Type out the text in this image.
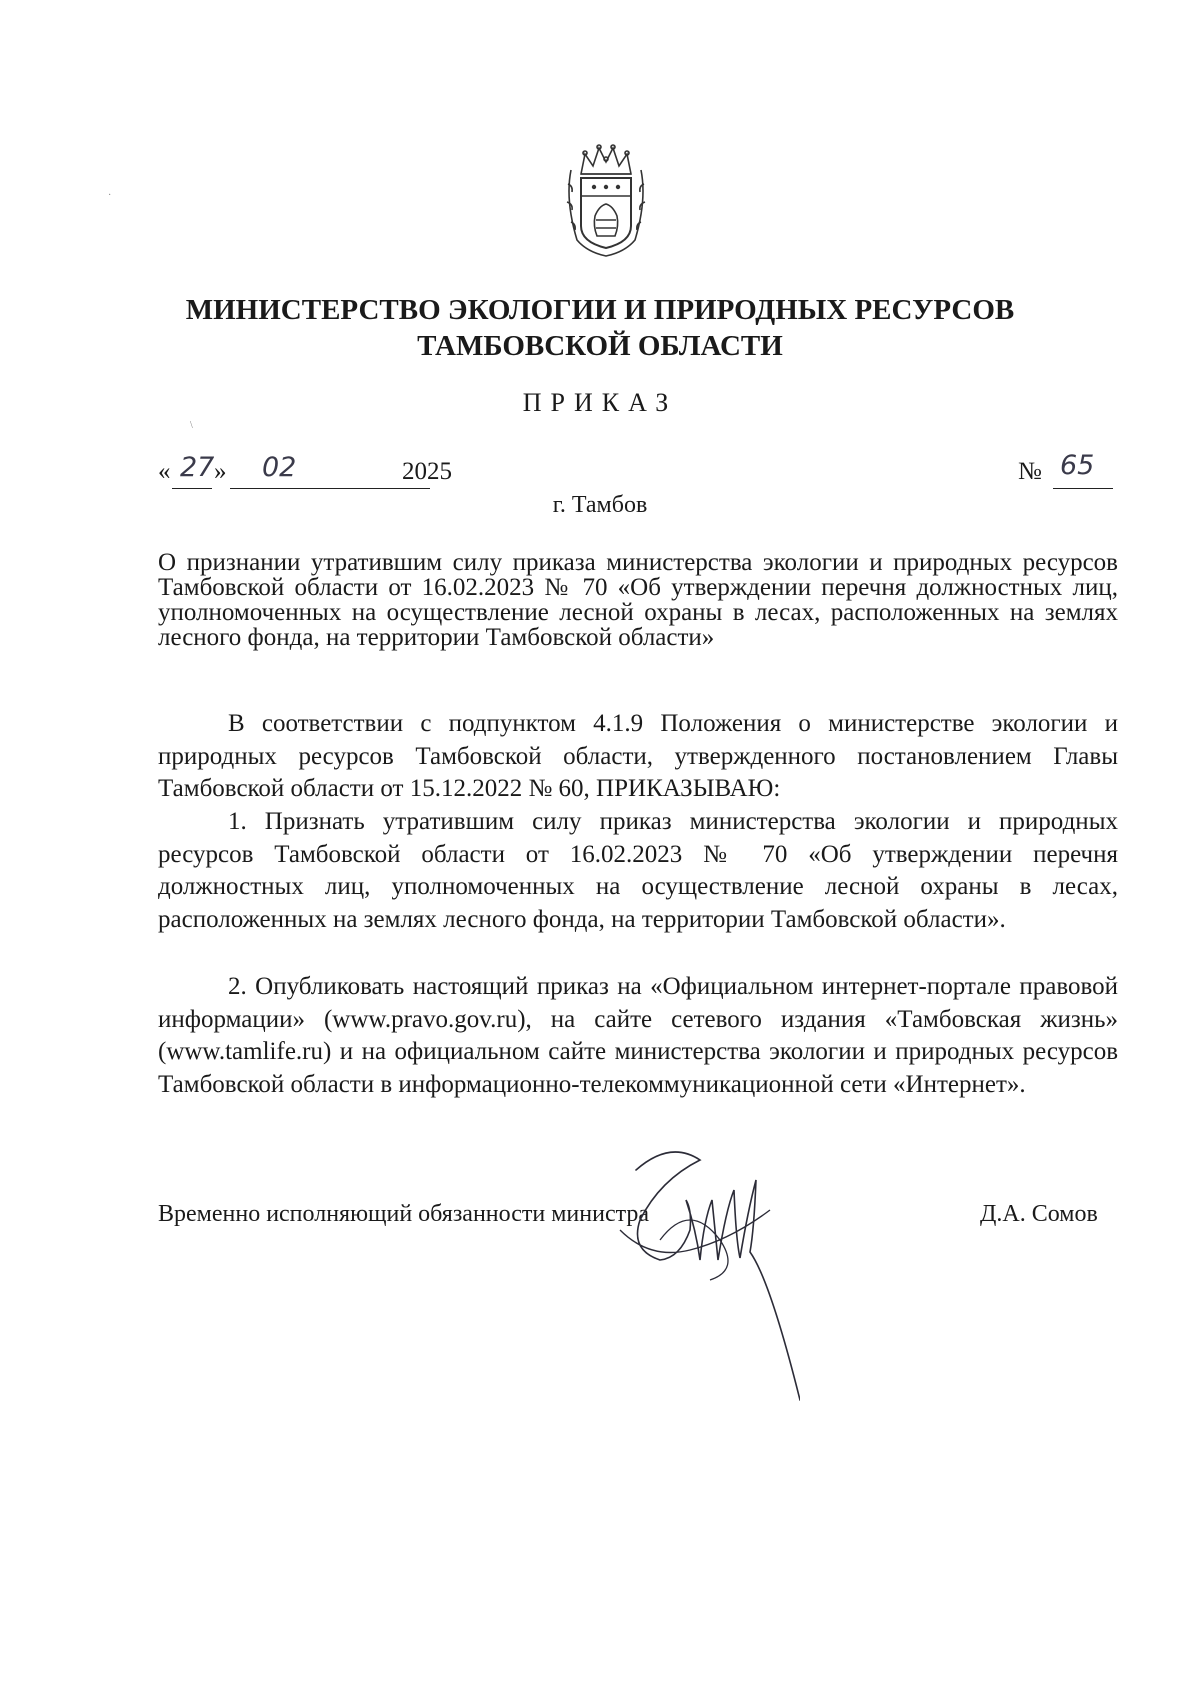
МИНИСТЕРСТВО ЭКОЛОГИИ И ПРИРОДНЫХ РЕСУРСОВ
ТАМБОВСКОЙ ОБЛАСТИ
ПРИКАЗ
« 27 » 02	2025	№ 65
г. Тамбов
О признании утратившим силу приказа министерства экологии и природных ресурсов Тамбовской области от 16.02.2023 № 70 «Об утверждении перечня должностных лиц, уполномоченных на осуществление лесной охраны в лесах, расположенных на землях лесного фонда, на территории Тамбовской области»

В соответствии с подпунктом 4.1.9 Положения о министерстве экологии и природных ресурсов Тамбовской области, утвержденного постановлением Главы Тамбовской области от 15.12.2022 № 60, ПРИКАЗЫВАЮ:

1. Признать утратившим силу приказ министерства экологии и природных ресурсов Тамбовской области от 16.02.2023 № 70 «Об утверждении перечня должностных лиц, уполномоченных на осуществление лесной охраны в лесах, расположенных на землях лесного фонда, на территории Тамбовской области».

2. Опубликовать настоящий приказ на «Официальном интернет-портале правовой информации» (www.pravo.gov.ru), на сайте сетевого издания «Тамбовская жизнь» (www.tamlife.ru) и на официальном сайте министерства экологии и природных ресурсов Тамбовской области в информационно-телекоммуникационной сети «Интернет».

Временно исполняющий обязанности министра	Д.А. Сомов
\
·
